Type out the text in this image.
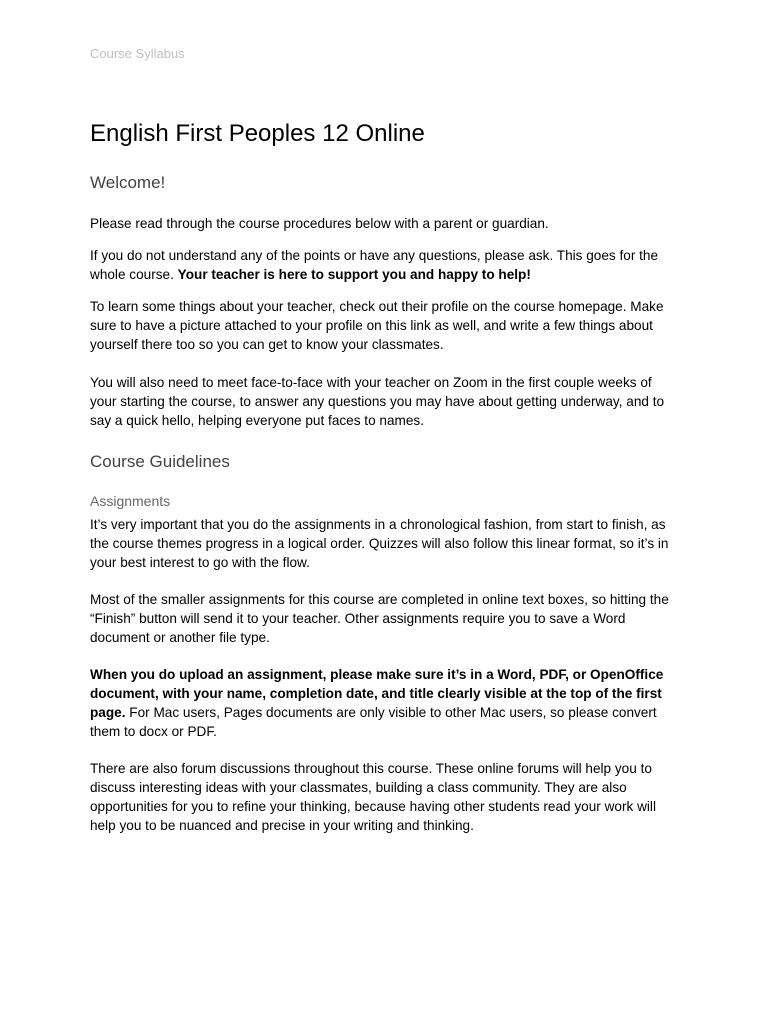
Course Syllabus
English First Peoples 12 Online
Welcome!

Please read through the course procedures below with a parent or guardian.

If you do not understand any of the points or have any questions, please ask. This goes for the whole course. Your teacher is here to support you and happy to help!

To learn some things about your teacher, check out their profile on the course homepage. Make sure to have a picture attached to your profile on this link as well, and write a few things about yourself there too so you can get to know your classmates.

You will also need to meet face-to-face with your teacher on Zoom in the first couple weeks of your starting the course, to answer any questions you may have about getting underway, and to say a quick hello, helping everyone put faces to names.

Course Guidelines
Assignments

It’s very important that you do the assignments in a chronological fashion, from start to finish, as the course themes progress in a logical order. Quizzes will also follow this linear format, so it’s in your best interest to go with the flow.

Most of the smaller assignments for this course are completed in online text boxes, so hitting the “Finish” button will send it to your teacher. Other assignments require you to save a Word document or another file type.

When you do upload an assignment, please make sure it’s in a Word, PDF, or OpenOffice document, with your name, completion date, and title clearly visible at the top of the first page. For Mac users, Pages documents are only visible to other Mac users, so please convert them to docx or PDF.

There are also forum discussions throughout this course. These online forums will help you to discuss interesting ideas with your classmates, building a class community. They are also opportunities for you to refine your thinking, because having other students read your work will help you to be nuanced and precise in your writing and thinking.
